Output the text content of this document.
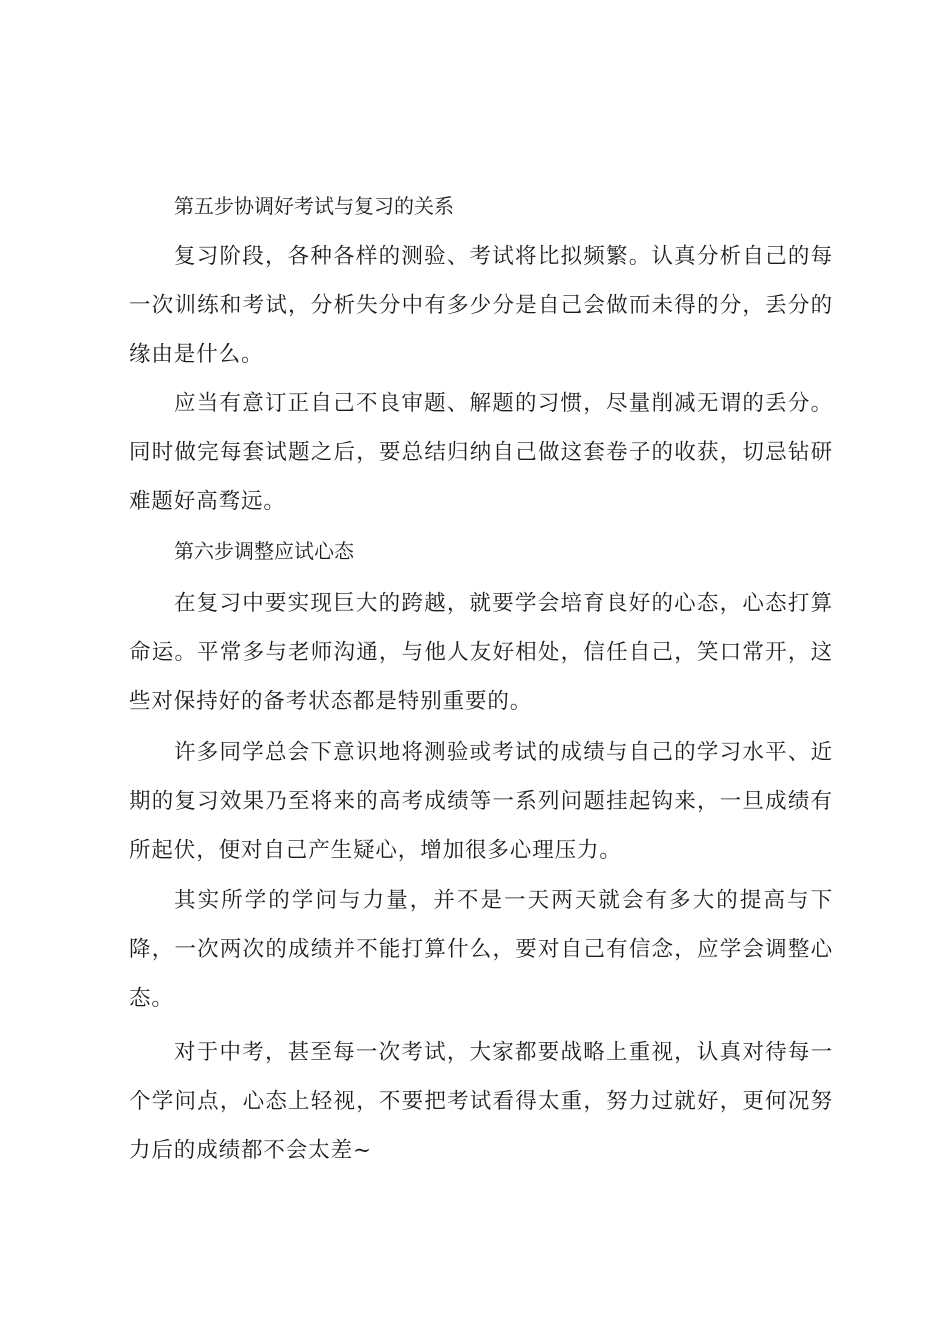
第五步协调好考试与复习的关系

复习阶段，各种各样的测验、考试将比拟频繁。认真分析自己的每一次训练和考试，分析失分中有多少分是自己会做而未得的分，丢分的缘由是什么。

应当有意订正自己不良审题、解题的习惯，尽量削减无谓的丢分。同时做完每套试题之后，要总结归纳自己做这套卷子的收获，切忌钻研难题好高骛远。

第六步调整应试心态

在复习中要实现巨大的跨越，就要学会培育良好的心态，心态打算命运。平常多与老师沟通，与他人友好相处，信任自己，笑口常开，这些对保持好的备考状态都是特别重要的。

许多同学总会下意识地将测验或考试的成绩与自己的学习水平、近期的复习效果乃至将来的高考成绩等一系列问题挂起钩来，一旦成绩有所起伏，便对自己产生疑心，增加很多心理压力。

其实所学的学问与力量，并不是一天两天就会有多大的提高与下降，一次两次的成绩并不能打算什么，要对自己有信念，应学会调整心态。

对于中考，甚至每一次考试，大家都要战略上重视，认真对待每一个学问点，心态上轻视，不要把考试看得太重，努力过就好，更何况努力后的成绩都不会太差~
